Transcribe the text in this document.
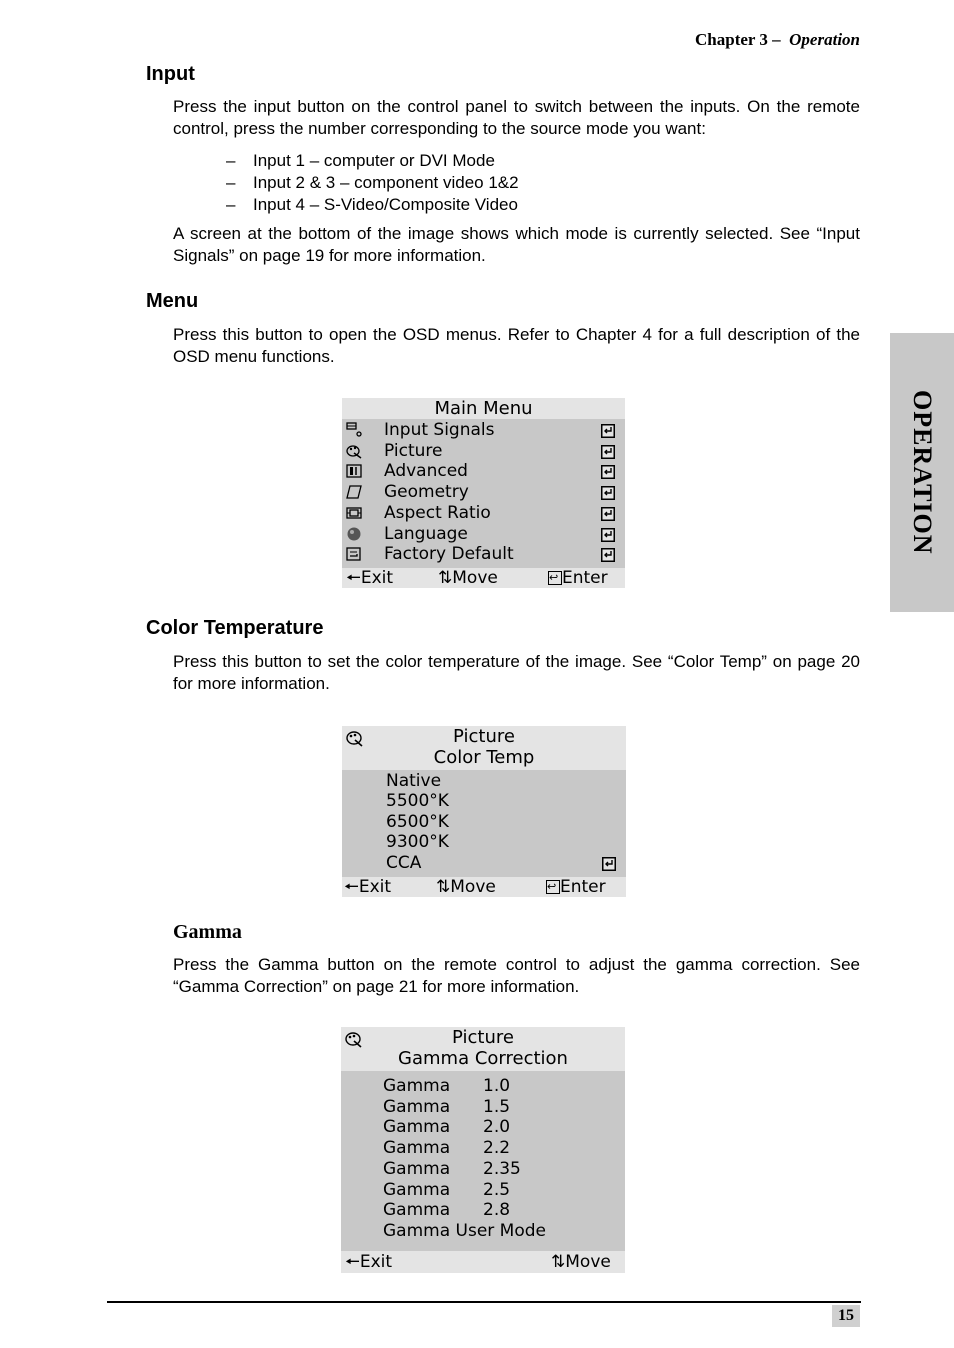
Chapter 3 – Operation
OPERATION
Input

Press the input button on the control panel to switch between the inputs. On the remote control, press the number corresponding to the source mode you want:

–	Input 1 – computer or DVI Mode
–	Input 2 & 3 – component video 1&2
–	Input 4 – S-Video/Composite Video

A screen at the bottom of the image shows which mode is currently selected. See “Input Signals” on page 19 for more information.

Menu

Press this button to open the OSD menus. Refer to Chapter 4 for a full description of the OSD menu functions.

Main Menu
Input Signals
Picture
Advanced
Geometry
Aspect Ratio
Language
Factory Default
🠔Exit	⇅Move ↩	Enter
Color Temperature

Press this button to set the color temperature of the image. See “Color Temp” on page 20 for more information.

Picture
Color Temp
Native
5500°K
6500°K
9300°K
CCA
🠔Exit	⇅Move ↩	Enter
Gamma

Press the Gamma button on the remote control to adjust the gamma correction. See “Gamma Correction” on page 21 for more information.

Picture
Gamma Correction
Gamma 1.0
Gamma 1.5
Gamma 2.0
Gamma 2.2
Gamma 2.35
Gamma 2.5
Gamma 2.8
Gamma User Mode
🠔Exit	⇅Move
15
